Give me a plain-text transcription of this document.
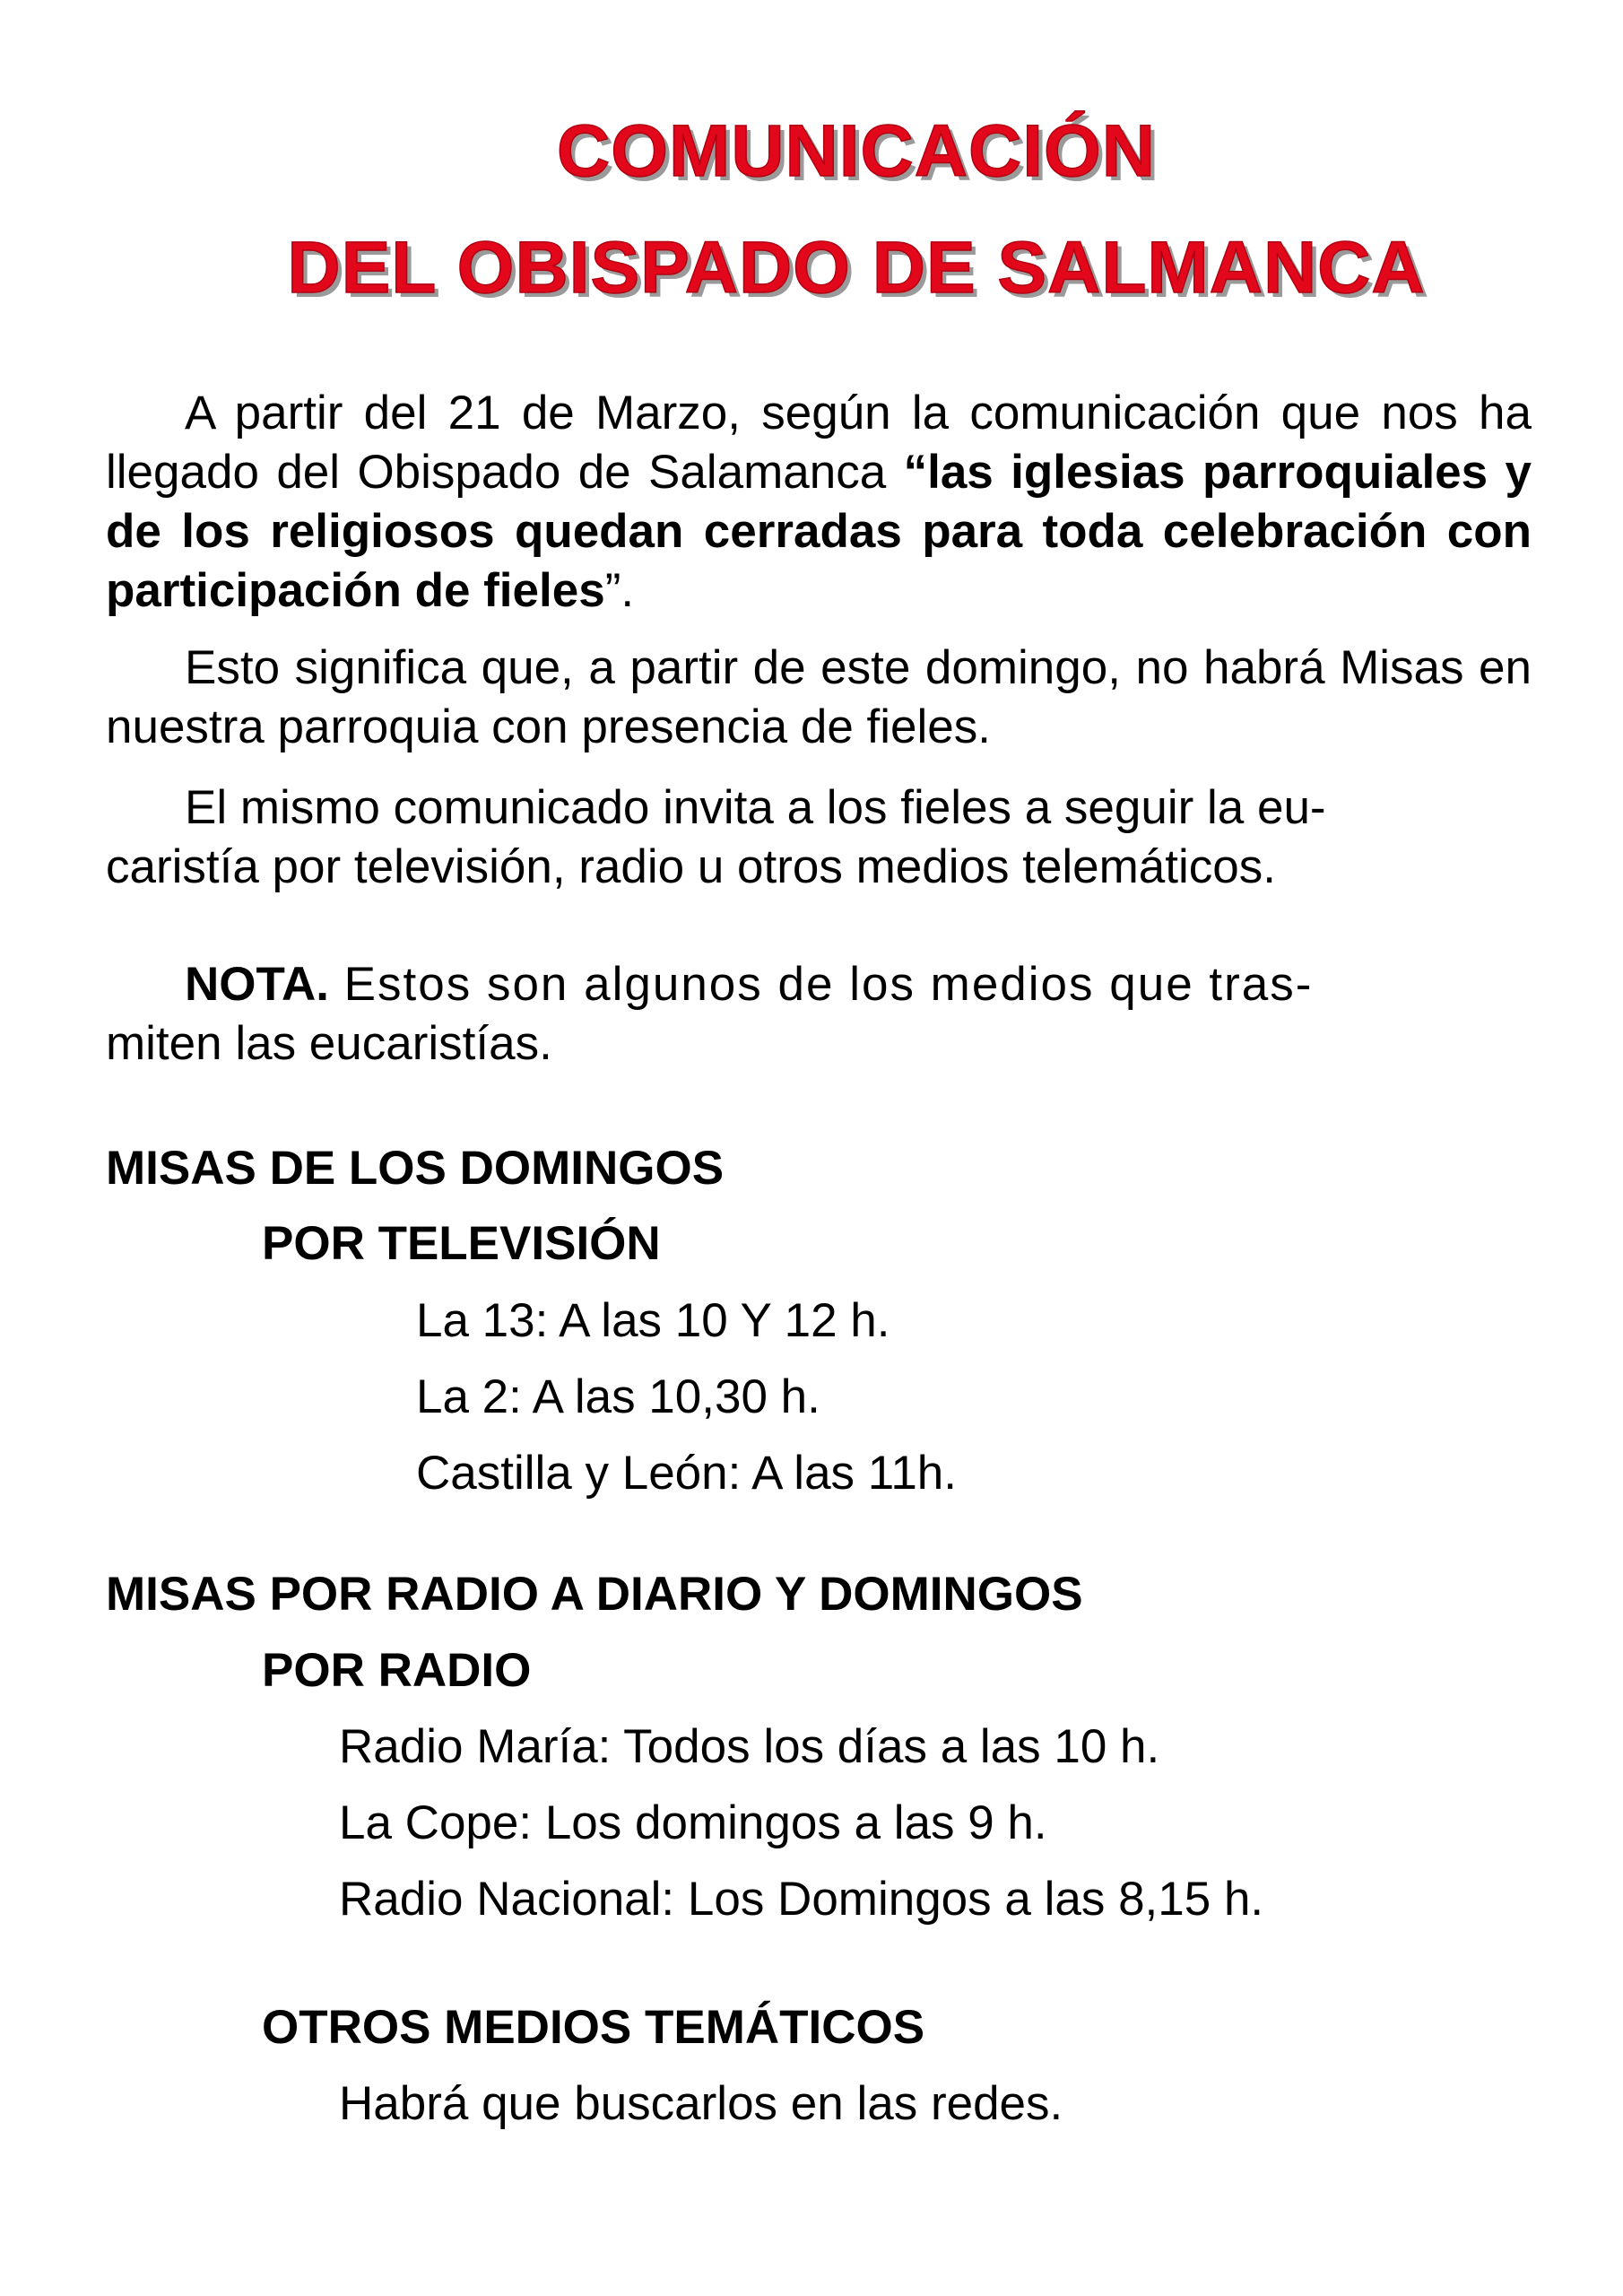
COMUNICACIÓN
DEL OBISPADO DE SALMANCA

A partir del 21 de Marzo, según la comunicación que nos ha llegado del Obispado de Salamanca “las iglesias parroquiales y de los religiosos quedan cerradas para toda celebración con participación de fieles”.

Esto significa que, a partir de este domingo, no habrá Misas en nuestra parroquia con presencia de fieles.

El mismo comunicado invita a los fieles a seguir la eu-
caristía por televisión, radio u otros medios telemáticos.

NOTA. Estos son algunos de los medios que tras-
miten las eucaristías.

MISAS DE LOS DOMINGOS
POR TELEVISIÓN

La 13: A las 10 Y 12 h.

La 2: A las 10,30 h.

Castilla y León: A las 11h.

MISAS POR RADIO A DIARIO Y DOMINGOS
POR RADIO

Radio María: Todos los días a las 10 h.

La Cope: Los domingos a las 9 h.

Radio Nacional: Los Domingos a las 8,15 h.

OTROS MEDIOS TEMÁTICOS

Habrá que buscarlos en las redes.
